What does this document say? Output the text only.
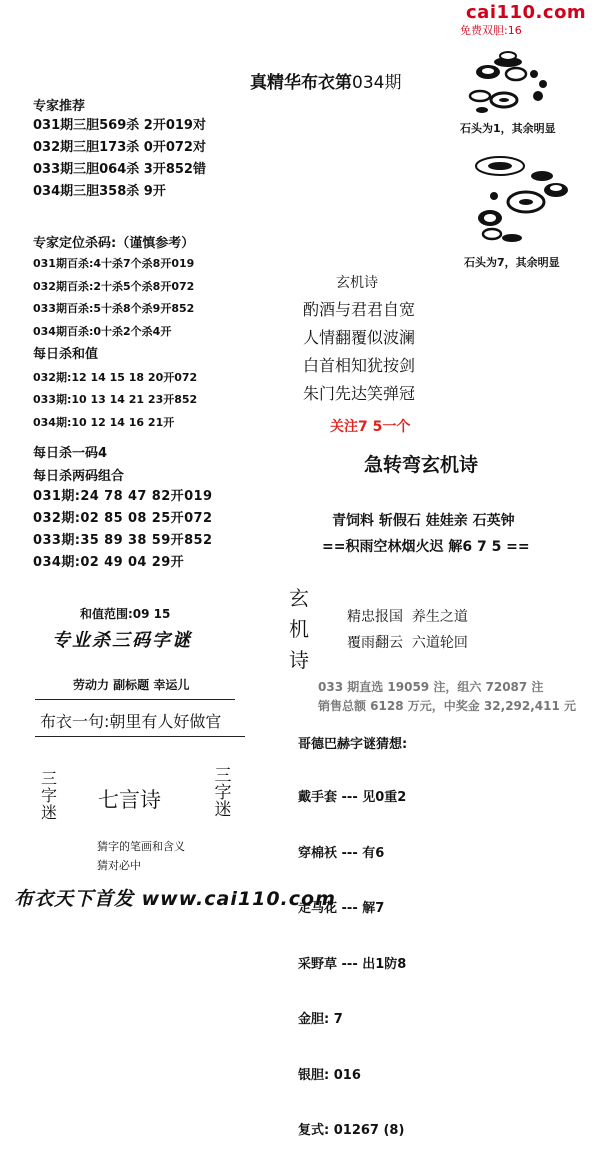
cai110.com
免费双胆:16
真精华布衣第034期
专家推荐
031期三胆569杀 2开019对
032期三胆173杀 0开072对
033期三胆064杀 3开852错
034期三胆358杀 9开
专家定位杀码:（谨慎参考）
031期百杀:4十杀7个杀8开019
032期百杀:2十杀5个杀8开072
033期百杀:5十杀8个杀9开852
034期百杀:0十杀2个杀4开
每日杀和值
032期:12 14 15 18 20开072
033期:10 13 14 21 23开852
034期:10 12 14 16 21开
每日杀一码4
每日杀两码组合
031期:24 78 47 82开019
032期:02 85 08 25开072
033期:35 89 38 59开852
034期:02 49 04 29开
和值范围:09 15
专业杀三码字谜
劳动力 副标题 幸运儿
布衣一句:朝里有人好做官
三字迷
七言诗
三字迷
猜字的笔画和含义
猜对必中
石头为1，其余明显
石头为7，其余明显
玄机诗
酌酒与君君自宽
人情翻覆似波澜
白首相知犹按剑
朱门先达笑弹冠
关注7 5一个
急转弯玄机诗
青饲料 斩假石 娃娃亲 石英钟
==积雨空林烟火迟 解6 7 5 ==
玄
机
诗
精忠报国  养生之道
覆雨翻云  六道轮回
033 期直选 19059 注，组六 72087 注
销售总额 6128 万元，中奖金 32,292,411 元
哥德巴赫字谜猜想:

戴手套 --- 见0重2

穿棉袄 --- 有6

走马花 --- 解7

采野草 --- 出1防8

金胆: 7

银胆: 016

复式: 01267 (8)

布衣天下首发 www.cai110.com
